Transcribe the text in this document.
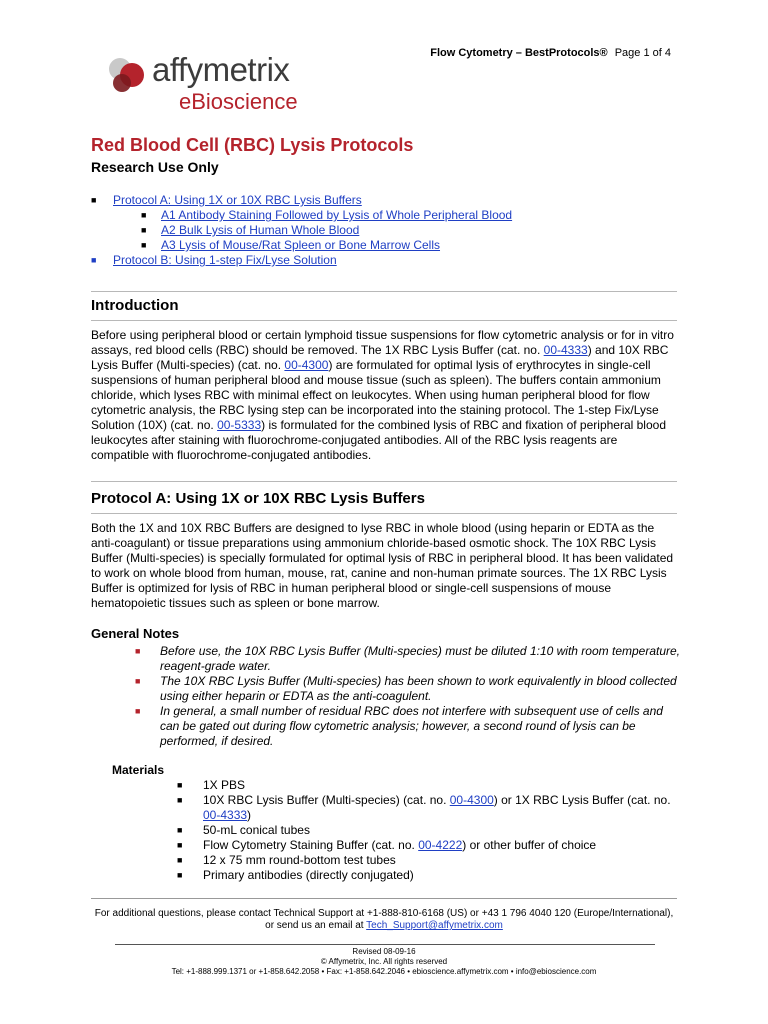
Flow Cytometry – BestProtocols® Page 1 of 4
affymetrix
eBioscience
Red Blood Cell (RBC) Lysis Protocols
Research Use Only
■ Protocol A: Using 1X or 10X RBC Lysis Buffers
■ A1 Antibody Staining Followed by Lysis of Whole Peripheral Blood
■ A2 Bulk Lysis of Human Whole Blood
■ A3 Lysis of Mouse/Rat Spleen or Bone Marrow Cells
■ Protocol B: Using 1-step Fix/Lyse Solution
Introduction
Before using peripheral blood or certain lymphoid tissue suspensions for flow cytometric analysis or for in vitro assays, red blood cells (RBC) should be removed. The 1X RBC Lysis Buffer (cat. no. 00-4333) and 10X RBC Lysis Buffer (Multi-species) (cat. no. 00-4300) are formulated for optimal lysis of erythrocytes in single-cell suspensions of human peripheral blood and mouse tissue (such as spleen). The buffers contain ammonium chloride, which lyses RBC with minimal effect on leukocytes. When using human peripheral blood for flow cytometric analysis, the RBC lysing step can be incorporated into the staining protocol. The 1-step Fix/Lyse Solution (10X) (cat. no. 00-5333) is formulated for the combined lysis of RBC and fixation of peripheral blood leukocytes after staining with fluorochrome-conjugated antibodies. All of the RBC lysis reagents are compatible with fluorochrome-conjugated antibodies.
Protocol A: Using 1X or 10X RBC Lysis Buffers
Both the 1X and 10X RBC Buffers are designed to lyse RBC in whole blood (using heparin or EDTA as the anti-coagulant) or tissue preparations using ammonium chloride-based osmotic shock. The 10X RBC Lysis Buffer (Multi-species) is specially formulated for optimal lysis of RBC in peripheral blood. It has been validated to work on whole blood from human, mouse, rat, canine and non-human primate sources. The 1X RBC Lysis Buffer is optimized for lysis of RBC in human peripheral blood or single-cell suspensions of mouse hematopoietic tissues such as spleen or bone marrow.
General Notes
■ Before use, the 10X RBC Lysis Buffer (Multi-species) must be diluted 1:10 with room temperature, reagent-grade water.
■ The 10X RBC Lysis Buffer (Multi-species) has been shown to work equivalently in blood collected using either heparin or EDTA as the anti-coagulent.
■ In general, a small number of residual RBC does not interfere with subsequent use of cells and can be gated out during flow cytometric analysis; however, a second round of lysis can be performed, if desired.
Materials
■ 1X PBS
■ 10X RBC Lysis Buffer (Multi-species) (cat. no. 00-4300) or 1X RBC Lysis Buffer (cat. no. 00-4333)
■ 50-mL conical tubes
■ Flow Cytometry Staining Buffer (cat. no. 00-4222) or other buffer of choice
■ 12 x 75 mm round-bottom test tubes
■ Primary antibodies (directly conjugated)
For additional questions, please contact Technical Support at +1-888-810-6168 (US) or +43 1 796 4040 120 (Europe/International),
or send us an email at Tech_Support@affymetrix.com
Revised 08-09-16
© Affymetrix, Inc. All rights reserved
Tel: +1-888.999.1371 or +1-858.642.2058 • Fax: +1-858.642.2046 • ebioscience.affymetrix.com • info@ebioscience.com
